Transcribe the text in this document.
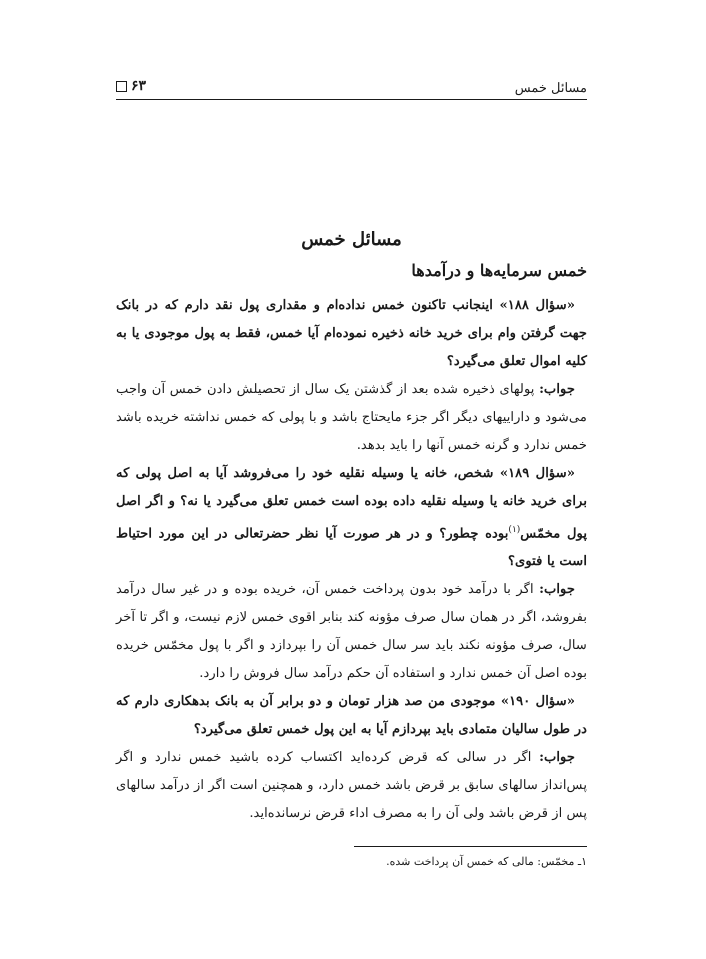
مسائل خمس
۶۳
مسائل خمس
خمس سرمایه‌ها و درآمدها

«سؤال ۱۸۸» اینجانب تاکنون خمس نداده‌ام و مقداری پول نقد دارم که در بانک جهت گرفتن وام برای خرید خانه ذخیره نموده‌ام آیا خمس، فقط به پول موجودی یا به کلیه اموال تعلق می‌گیرد؟

جواب: پولهای ذخیره شده بعد از گذشتن یک سال از تحصیلش دادن خمس آن واجب می‌شود و داراییهای دیگر اگر جزء مایحتاج باشد و با پولی که خمس نداشته خریده باشد خمس ندارد و گرنه خمس آنها را باید بدهد.

«سؤال ۱۸۹» شخص، خانه یا وسیله نقلیه خود را می‌فروشد آیا به اصل پولی که برای خرید خانه یا وسیله نقلیه داده بوده است خمس تعلق می‌گیرد یا نه؟ و اگر اصل پول مخمّس$^{(۱)}$بوده چطور؟ و در هر صورت آیا نظر حضرتعالی در این مورد احتیاط است یا فتوی؟

جواب: اگر با درآمد خود بدون پرداخت خمس آن، خریده بوده و در غیر سال درآمد بفروشد، اگر در همان سال صرف مؤونه کند بنابر اقوی خمس لازم نیست، و اگر تا آخر سال، صرف مؤونه نکند باید سر سال خمس آن را بپردازد و اگر با پول مخمّس خریده بوده اصل آن خمس ندارد و استفاده آن حکم درآمد سال فروش را دارد.

«سؤال ۱۹۰» موجودی من صد هزار تومان و دو برابر آن به بانک بدهکاری دارم که در طول سالیان متمادی باید بپردازم آیا به این پول خمس تعلق می‌گیرد؟

جواب: اگر در سالی که قرض کرده‌اید اکتساب کرده باشید خمس ندارد و اگر پس‌انداز سالهای سابق بر قرض باشد خمس دارد، و همچنین است اگر از درآمد سالهای پس از قرض باشد ولی آن را به مصرف اداء قرض نرسانده‌اید.

۱ـ مخمّس: مالی که خمس آن پرداخت شده.
